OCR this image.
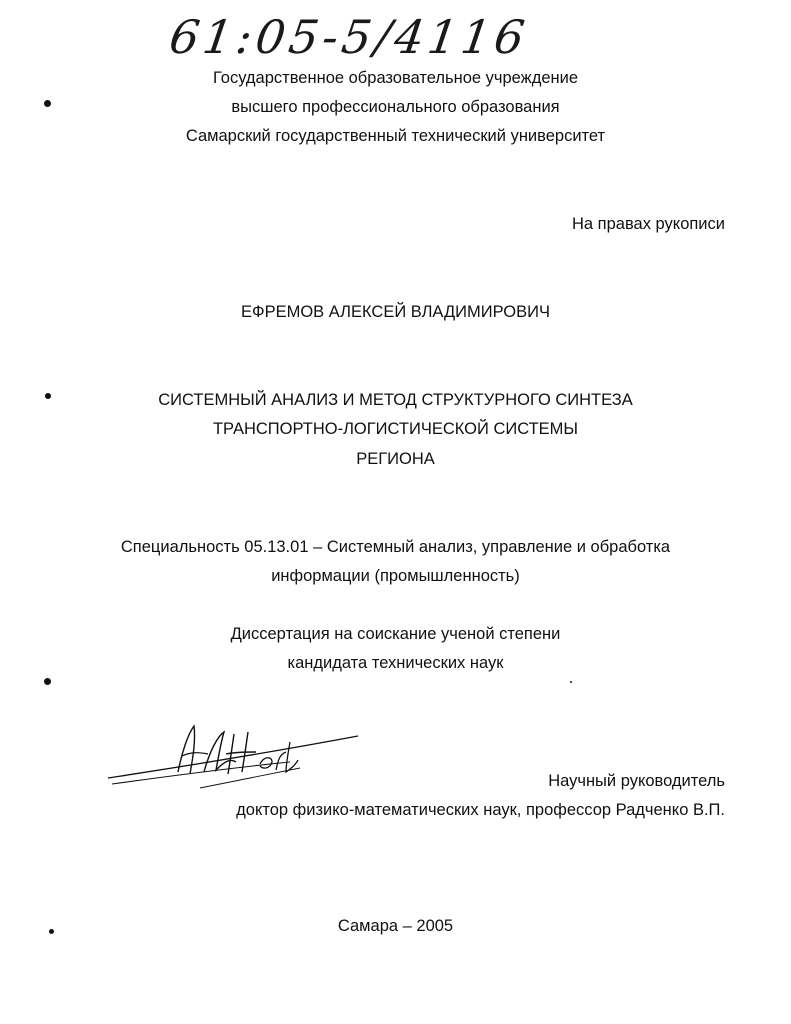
61:05-5/4116
Государственное образовательное учреждение
высшего профессионального образования
Самарский государственный технический университет
На правах рукописи
ЕФРЕМОВ АЛЕКСЕЙ ВЛАДИМИРОВИЧ
СИСТЕМНЫЙ АНАЛИЗ И МЕТОД СТРУКТУРНОГО СИНТЕЗА
ТРАНСПОРТНО-ЛОГИСТИЧЕСКОЙ СИСТЕМЫ
РЕГИОНА
Специальность 05.13.01 – Системный анализ, управление и обработка
информации (промышленность)
Диссертация на соискание ученой степени
кандидата технических наук
Научный руководитель
доктор физико-математических наук, профессор Радченко В.П.
Самара – 2005
